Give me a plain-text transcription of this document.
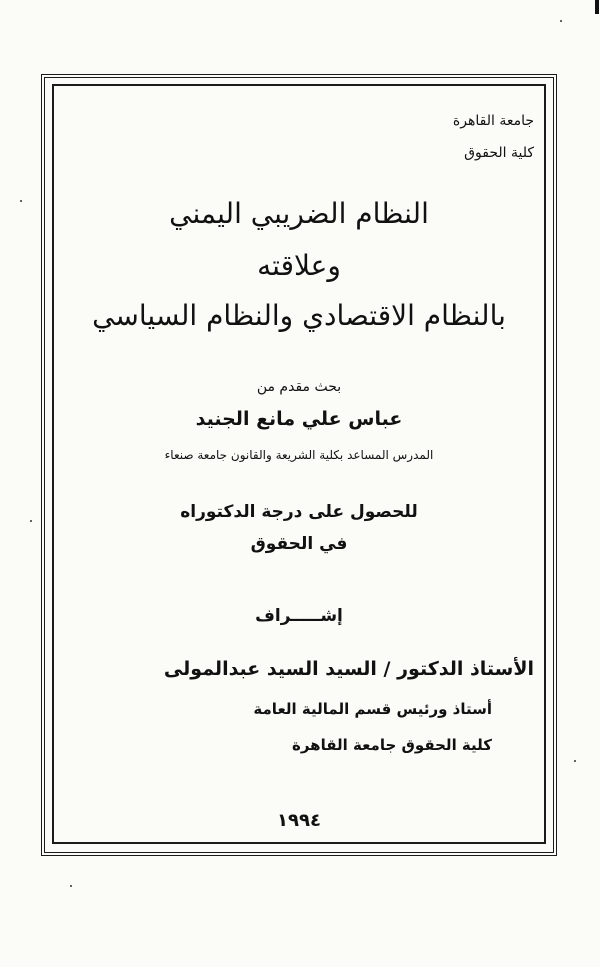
جامعة القاهرة
كلية الحقوق
النظام الضريبي اليمني
وعلاقته
بالنظام الاقتصادي والنظام السياسي
بحث مقدم من
عباس علي مانع الجنيد
المدرس المساعد بكلية الشريعة والقانون جامعة صنعاء
للحصول على درجة الدكتوراه
في الحقوق
إشـــــراف
الأستاذ الدكتور / السيد السيد عبدالمولى
أستاذ ورئيس قسم المالية العامة
كلية الحقوق جامعة القاهرة
١٩٩٤
